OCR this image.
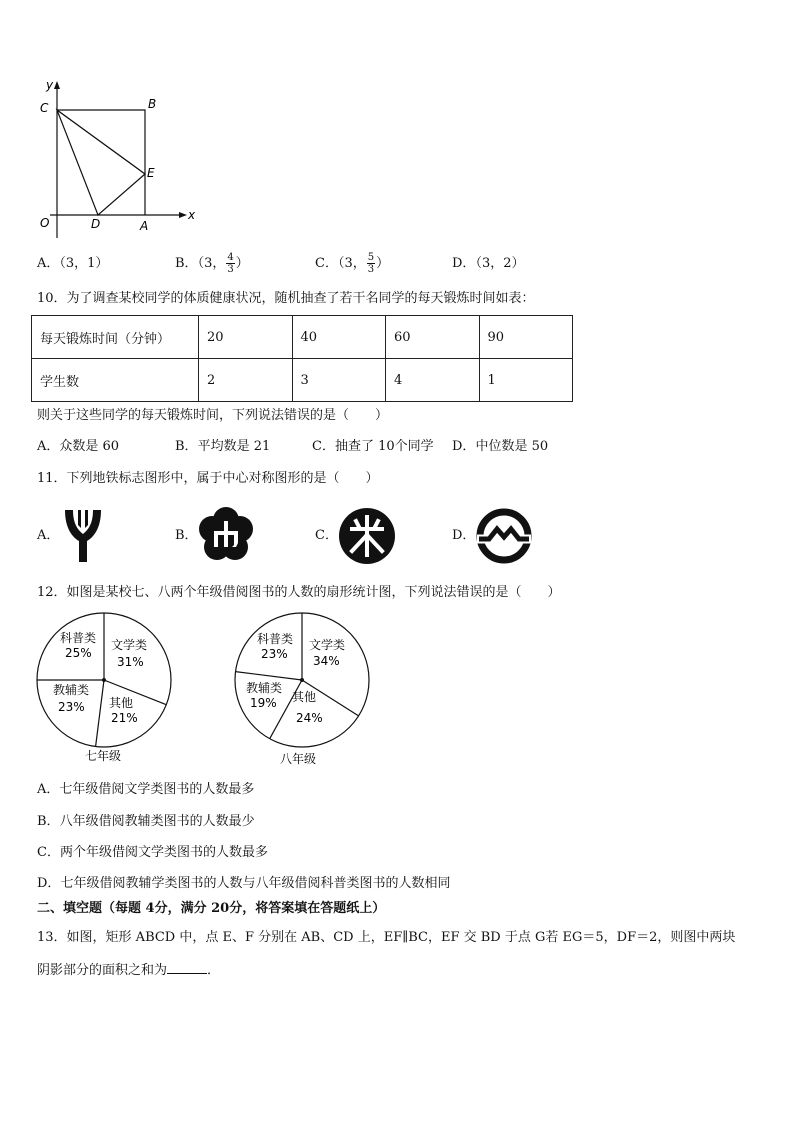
y
x
O
C	B
E
D	A
A．（3，1）	B．（3， $\frac{4}{3}$ ）	C．（3， $\frac{5}{3}$ ）	D．（3，2）
10．为了调查某校同学的体质健康状况，随机抽查了若干名同学的每天锻炼时间如表：
每天锻炼时间（分钟）	20	40	60	90
学生数	2	3	4	1
则关于这些同学的每天锻炼时间，下列说法错误的是（　　）
A．众数是 60	B．平均数是 21	C．抽查了 10个同学 D．中位数是 50
11．下列地铁标志图形中，属于中心对称图形的是（　　）
A．	B．	C．	D．
12．如图是某校七、八两个年级借阅图书的人数的扇形统计图，下列说法错误的是（　　）
文学类
31%
其他
21%
教辅类
23%
科普类
25%
七年级
文学类
34%
其他
24%
教辅类
19%
科普类
23%
八年级
A．七年级借阅文学类图书的人数最多
B．八年级借阅教辅类图书的人数最少
C．两个年级借阅文学类图书的人数最多
D．七年级借阅教辅学类图书的人数与八年级借阅科普类图书的人数相同
二、填空题（每题 4分，满分 20分，将答案填在答题纸上）
13．如图，矩形 ABCD 中，点 E、F 分别在 AB、CD 上，EF∥BC，EF 交 BD 于点 G若 EG＝5，DF＝2，则图中两块
阴影部分的面积之和为	．
